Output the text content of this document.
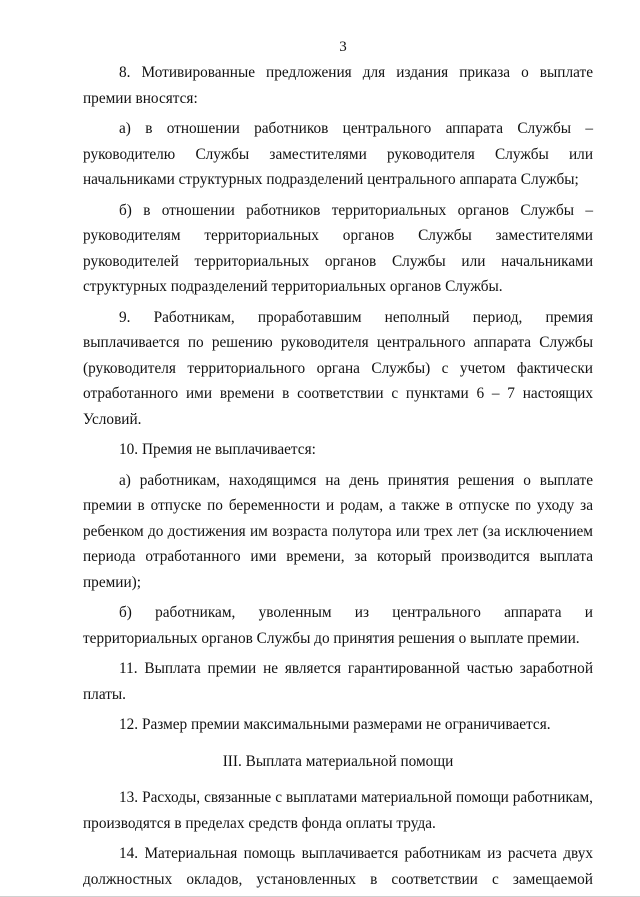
3

8. Мотивированные предложения для издания приказа о выплате премии вносятся:

а) в отношении работников центрального аппарата Службы – руководителю Службы заместителями руководителя Службы или начальниками структурных подразделений центрального аппарата Службы;

б) в отношении работников территориальных органов Службы – руководителям территориальных органов Службы заместителями руководителей территориальных органов Службы или начальниками структурных подразделений территориальных органов Службы.

9. Работникам, проработавшим неполный период, премия выплачивается по решению руководителя центрального аппарата Службы (руководителя территориального органа Службы) с учетом фактически отработанного ими времени в соответствии с пунктами 6 – 7 настоящих Условий.

10. Премия не выплачивается:

а) работникам, находящимся на день принятия решения о выплате премии в отпуске по беременности и родам, а также в отпуске по уходу за ребенком до достижения им возраста полутора или трех лет (за исключением периода отработанного ими времени, за который производится выплата премии);

б) работникам, уволенным из центрального аппарата и территориальных органов Службы до принятия решения о выплате премии.

11. Выплата премии не является гарантированной частью заработной платы.

12. Размер премии максимальными размерами не ограничивается.

III. Выплата материальной помощи

13. Расходы, связанные с выплатами материальной помощи работникам, производятся в пределах средств фонда оплаты труда.

14. Материальная помощь выплачивается работникам из расчета двух должностных окладов, установленных в соответствии с замещаемой
